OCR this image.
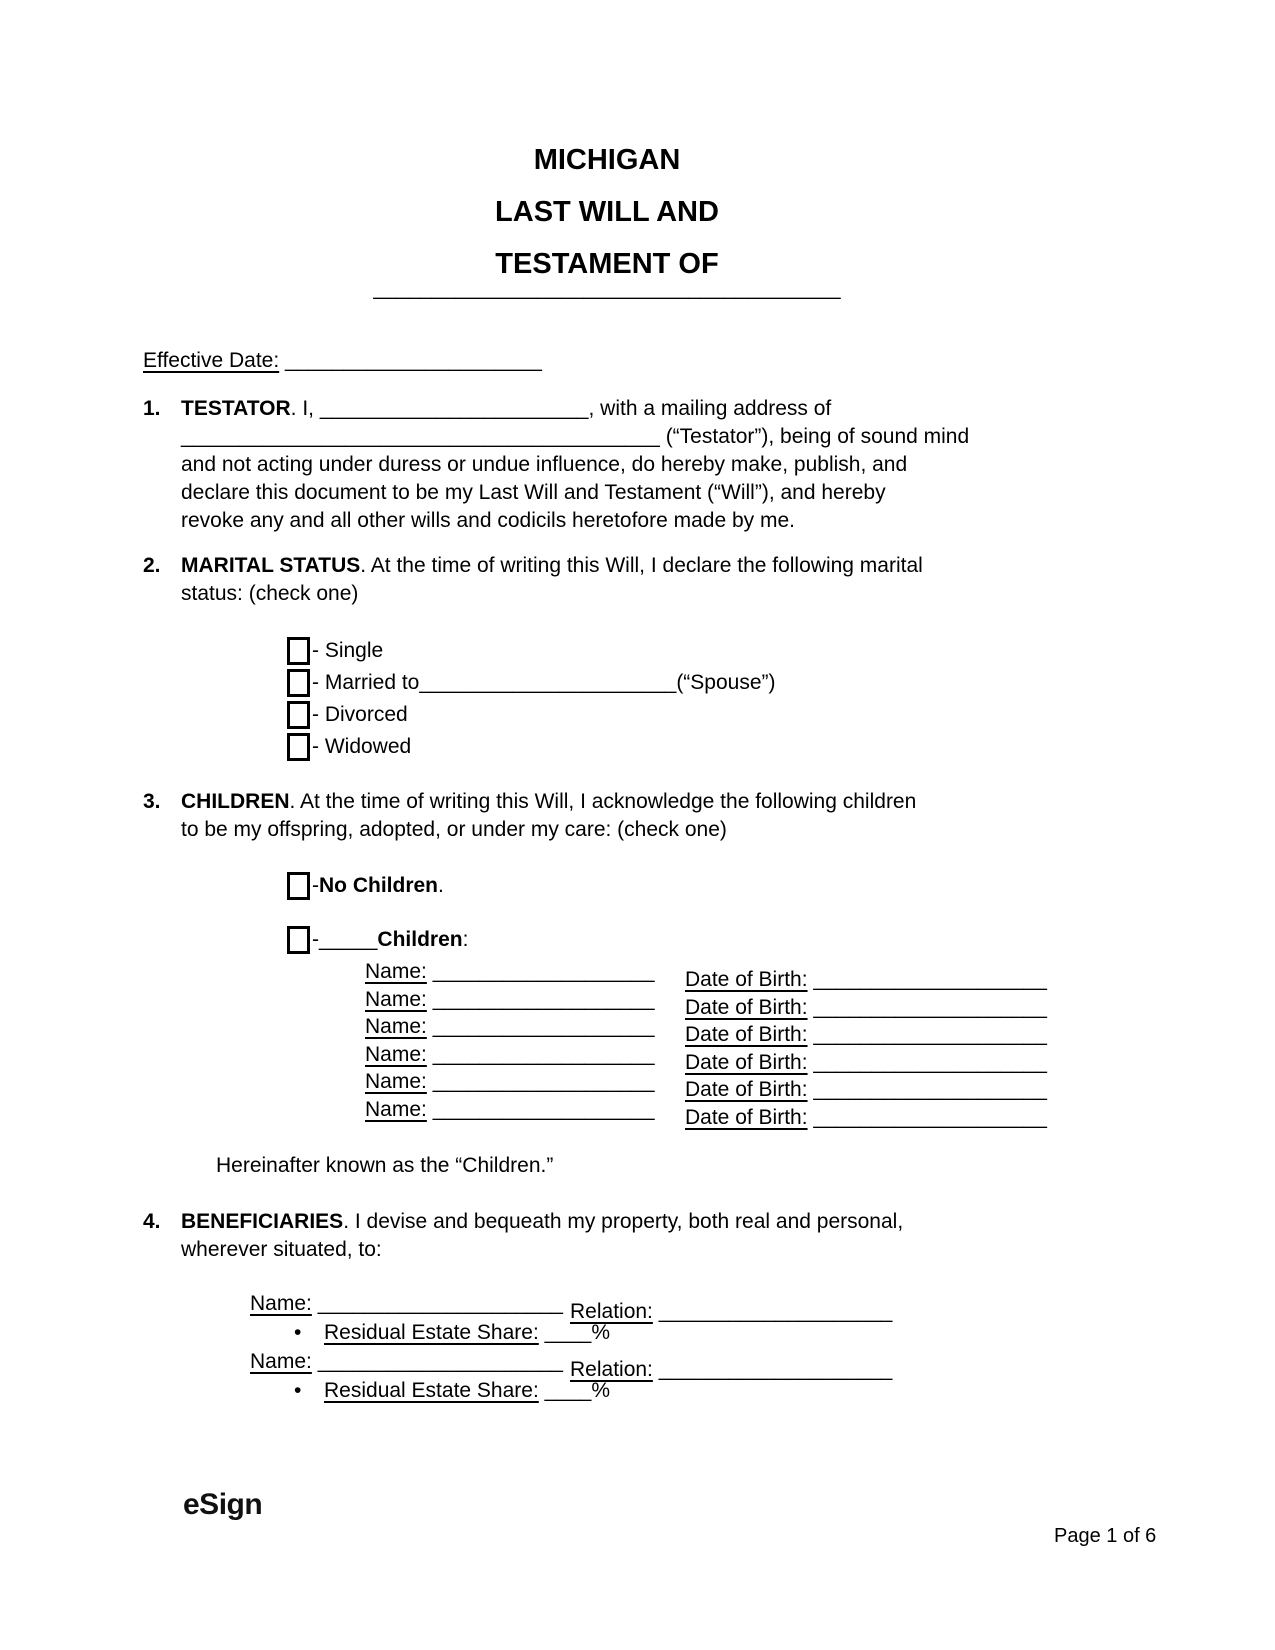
MICHIGAN
LAST WILL AND
TESTAMENT OF
________________________________________
Effective Date: ______________________
1. TESTATOR. I, _______________________, with a mailing address of
_________________________________________ (“Testator”), being of sound mind
and not acting under duress or undue influence, do hereby make, publish, and
declare this document to be my Last Will and Testament (“Will”), and hereby
revoke any and all other wills and codicils heretofore made by me.
2. MARITAL STATUS. At the time of writing this Will, I declare the following marital
status: (check one)
- Single
- Married to ______________________ (“Spouse”)
- Divorced
- Widowed
3. CHILDREN. At the time of writing this Will, I acknowledge the following children
to be my offspring, adopted, or under my care: (check one)
- No Children .
- _____ Children :
Name: ___________________ Date of Birth: ____________________
Name: ___________________ Date of Birth: ____________________
Name: ___________________ Date of Birth: ____________________
Name: ___________________ Date of Birth: ____________________
Name: ___________________ Date of Birth: ____________________
Name: ___________________ Date of Birth: ____________________
Hereinafter known as the “Children.”
4. BENEFICIARIES. I devise and bequeath my property, both real and personal,
wherever situated, to:
Name: _____________________ Relation: ____________________
•	Residual Estate Share:
____ %
Name: _____________________ Relation: ____________________
•	Residual Estate Share:
____ %
eSign
Page 1 of 6
